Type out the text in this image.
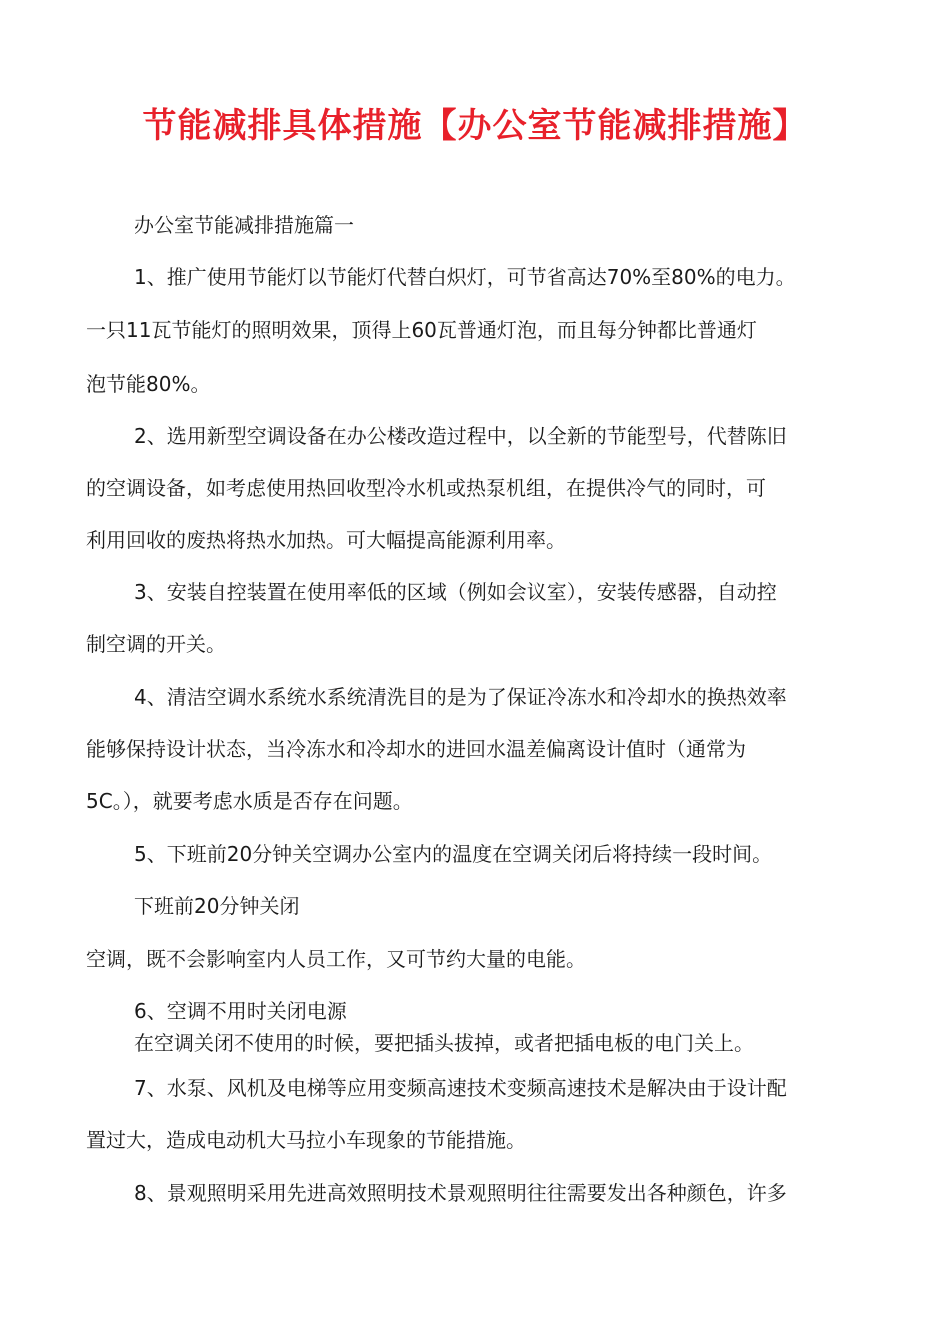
节能减排具体措施【办公室节能减排措施】
办公室节能减排措施篇一
1、推广使用节能灯以节能灯代替白炽灯，可节省高达70%至80%的电力。
一只11瓦节能灯的照明效果，顶得上60瓦普通灯泡，而且每分钟都比普通灯
泡节能80%。
2、选用新型空调设备在办公楼改造过程中，以全新的节能型号，代替陈旧
的空调设备，如考虑使用热回收型冷水机或热泵机组，在提供冷气的同时，可
利用回收的废热将热水加热。可大幅提高能源利用率。
3、安装自控装置在使用率低的区域（例如会议室），安装传感器，自动控
制空调的开关。
4、清洁空调水系统水系统清洗目的是为了保证冷冻水和冷却水的换热效率
能够保持设计状态，当冷冻水和冷却水的进回水温差偏离设计值时（通常为
5C。），就要考虑水质是否存在问题。
5、下班前20分钟关空调办公室内的温度在空调关闭后将持续一段时间。
下班前20分钟关闭
空调，既不会影响室内人员工作，又可节约大量的电能。
6、空调不用时关闭电源
在空调关闭不使用的时候，要把插头拔掉，或者把插电板的电门关上。
7、水泵、风机及电梯等应用变频高速技术变频高速技术是解决由于设计配
置过大，造成电动机大马拉小车现象的节能措施。
8、景观照明采用先进高效照明技术景观照明往往需要发出各种颜色，许多
